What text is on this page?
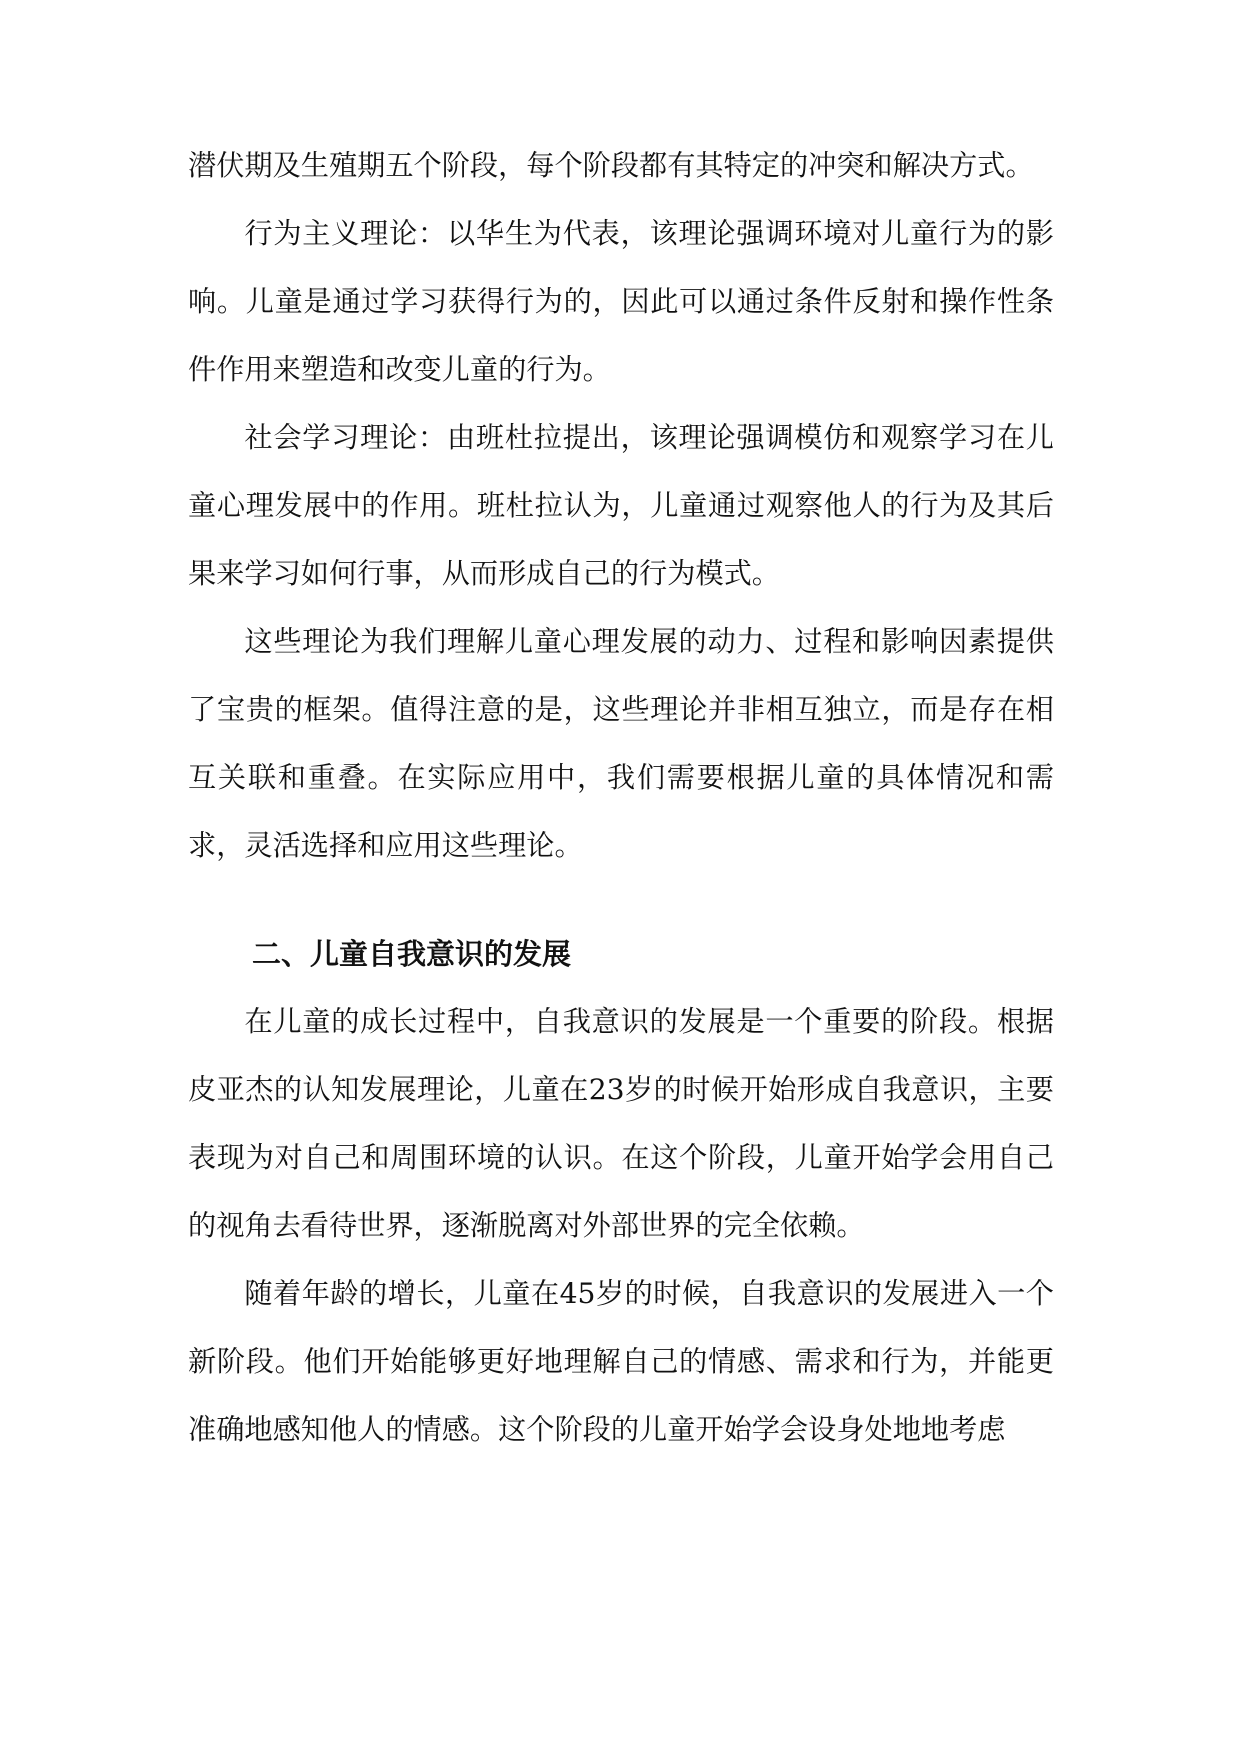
潜伏期及生殖期五个阶段，每个阶段都有其特定的冲突和解决方式。

行为主义理论：以华生为代表，该理论强调环境对儿童行为的影响。儿童是通过学习获得行为的，因此可以通过条件反射和操作性条件作用来塑造和改变儿童的行为。

社会学习理论：由班杜拉提出，该理论强调模仿和观察学习在儿童心理发展中的作用。班杜拉认为，儿童通过观察他人的行为及其后果来学习如何行事，从而形成自己的行为模式。

这些理论为我们理解儿童心理发展的动力、过程和影响因素提供了宝贵的框架。值得注意的是，这些理论并非相互独立，而是存在相互关联和重叠。在实际应用中，我们需要根据儿童的具体情况和需求，灵活选择和应用这些理论。

二、儿童自我意识的发展

在儿童的成长过程中，自我意识的发展是一个重要的阶段。根据皮亚杰的认知发展理论，儿童在23岁的时候开始形成自我意识，主要表现为对自己和周围环境的认识。在这个阶段，儿童开始学会用自己的视角去看待世界，逐渐脱离对外部世界的完全依赖。

随着年龄的增长，儿童在45岁的时候，自我意识的发展进入一个新阶段。他们开始能够更好地理解自己的情感、需求和行为，并能更准确地感知他人的情感。这个阶段的儿童开始学会设身处地地考虑
